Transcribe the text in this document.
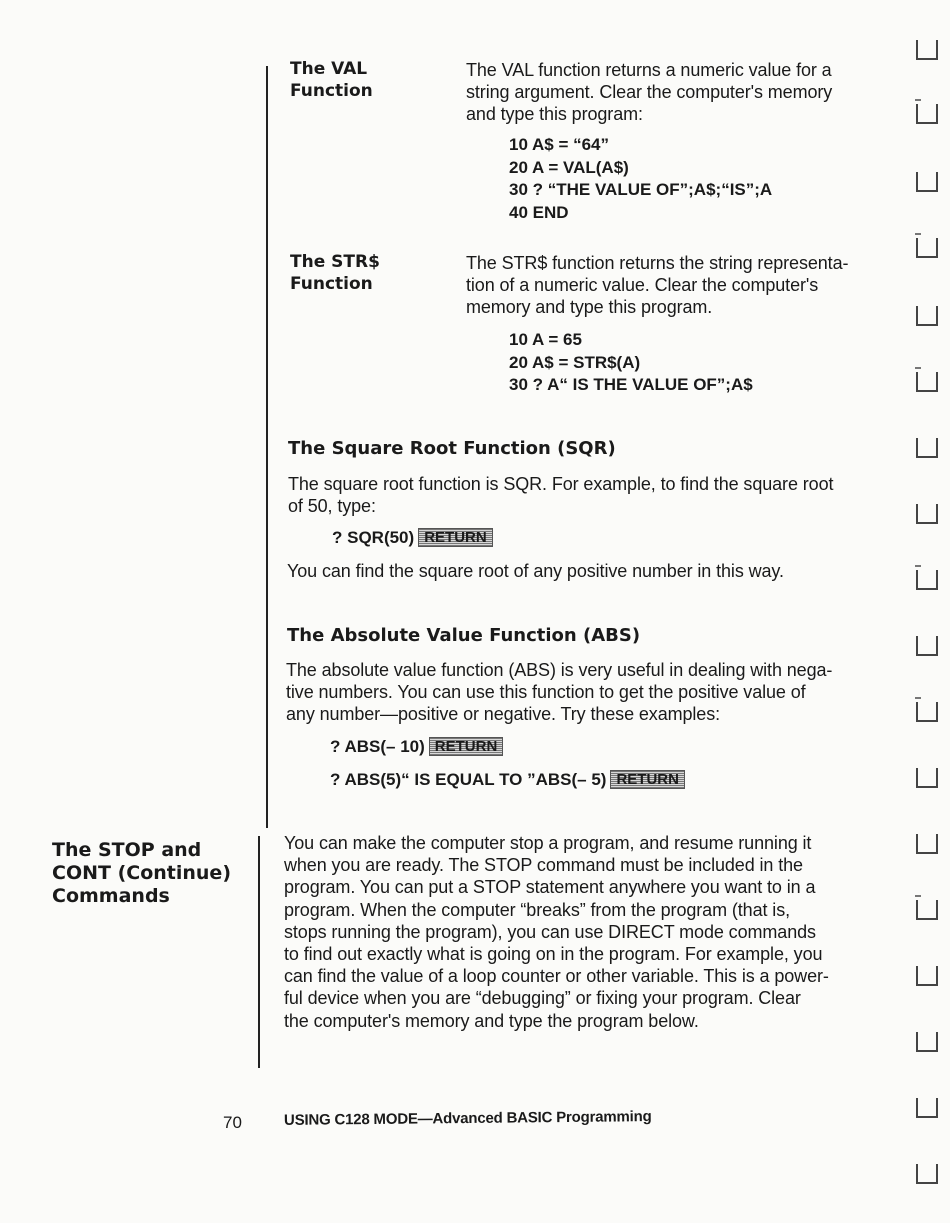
The VAL
Function
The VAL function returns a numeric value for a
string argument. Clear the computer's memory
and type this program:
10 A$ = “64”
20 A = VAL(A$)
30 ? “THE VALUE OF”;A$;“IS”;A
40 END
The STR$
Function
The STR$ function returns the string representa-
tion of a numeric value. Clear the computer's
memory and type this program.
10 A = 65
20 A$ = STR$(A)
30 ? A“ IS THE VALUE OF”;A$
The Square Root Function (SQR)
The square root function is SQR. For example, to find the square root
of 50, type:
? SQR(50) RETURN
You can find the square root of any positive number in this way.
The Absolute Value Function (ABS)
The absolute value function (ABS) is very useful in dealing with nega-
tive numbers. You can use this function to get the positive value of
any number—positive or negative. Try these examples:
? ABS(– 10) RETURN
? ABS(5)“ IS EQUAL TO ”ABS(– 5) RETURN
The STOP and
CONT (Continue)
Commands
You can make the computer stop a program, and resume running it
when you are ready. The STOP command must be included in the
program. You can put a STOP statement anywhere you want to in a
program. When the computer “breaks” from the program (that is,
stops running the program), you can use DIRECT mode commands
to find out exactly what is going on in the program. For example, you
can find the value of a loop counter or other variable. This is a power-
ful device when you are “debugging” or fixing your program. Clear
the computer's memory and type the program below.
70	USING C128 MODE—Advanced BASIC Programming
